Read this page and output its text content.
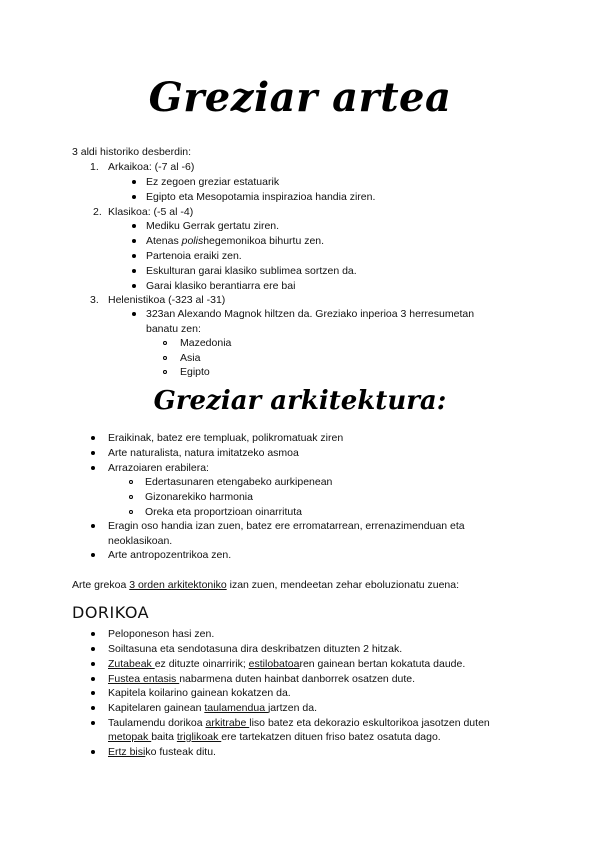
Greziar artea
3 aldi historiko desberdin:
1. Arkaikoa: (-7 al -6)
Ez zegoen greziar estatuarik
Egipto eta Mesopotamia inspirazioa handia ziren.
2. Klasikoa: (-5 al -4)
Mediku Gerrak gertatu ziren.
Atenas polishegemonikoa bihurtu zen.
Partenoia eraiki zen.
Eskulturan garai klasiko sublimea sortzen da.
Garai klasiko berantiarra ere bai
3. Helenistikoa (-323 al -31)
323an Alexando Magnok hiltzen da. Greziako inperioa 3 herresumetan
banatu zen:
Mazedonia
Asia
Egipto
Greziar arkitektura:
Eraikinak, batez ere templuak, polikromatuak ziren
Arte naturalista, natura imitatzeko asmoa
Arrazoiaren erabilera:
Edertasunaren etengabeko aurkipenean
Gizonarekiko harmonia
Oreka eta proportzioan oinarritutа
Eragin oso handia izan zuen, batez ere erromatarrean, errenazimenduan eta
neoklasikoan.
Arte antropozentrikoa zen.
Arte grekoa 3 orden arkitektoniko izan zuen, mendeetan zehar eboluzionatu zuena:
DORIKOA
Peloponeson hasi zen.
Soiltasuna eta sendotasuna dira deskribatzen dituzten 2 hitzak.
Zutabeak ez dituzte oinarririk; estilobatoaren gainean bertan kokatuta daude.
Fustea entasis nabarmena duten hainbat danborrek osatzen dute.
Kapitela koilarino gainean kokatzen da.
Kapitelaren gainean taulamendua jartzen da.
Taulamendu dorikoa arkitrabe liso batez eta dekorazio eskultorikoa jasotzen duten
metopak baita triglikoak ere tartekatzen dituen friso batez osatuta dago.
Ertz bisiko fusteak ditu.
